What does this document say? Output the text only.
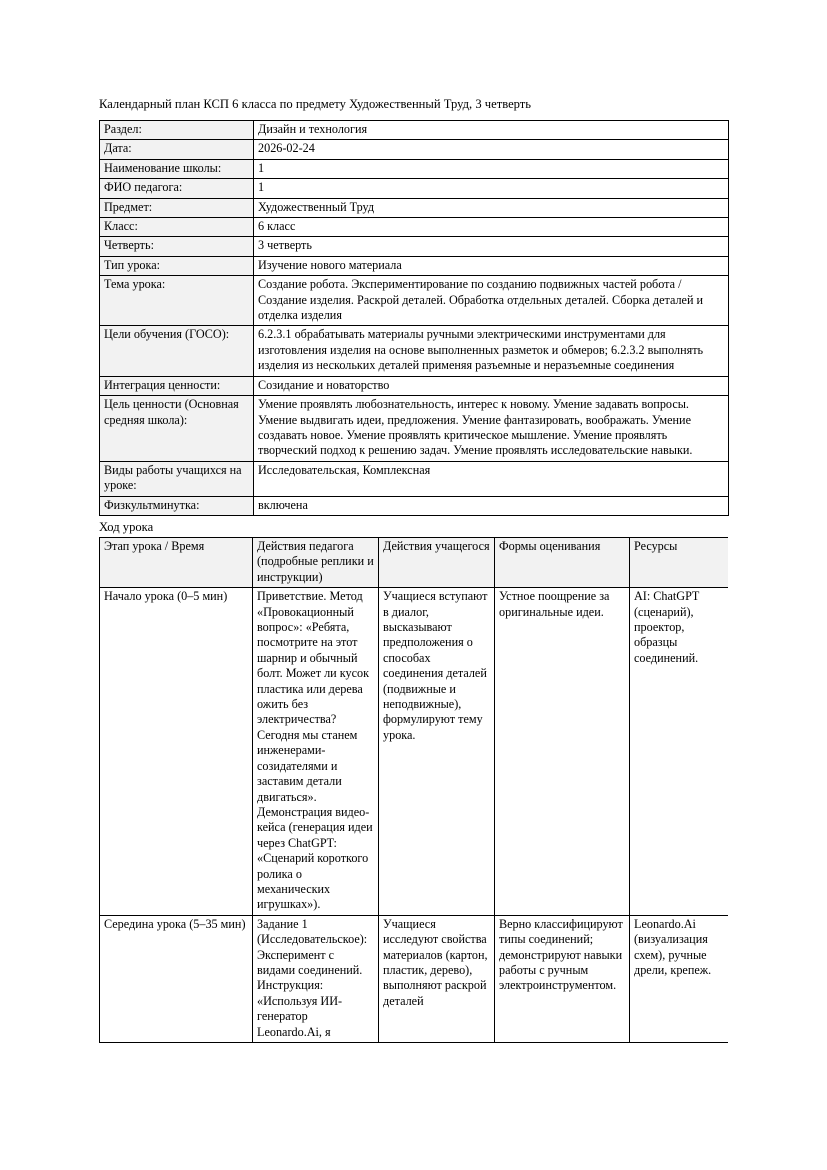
Календарный план КСП 6 класса по предмету Художественный Труд, 3 четверть

Раздел:	Дизайн и технология
Дата:	2026-02-24
Наименование школы:	1
ФИО педагога:	1
Предмет:	Художественный Труд
Класс:	6 класс
Четверть:	3 четверть
Тип урока:	Изучение нового материала
Тема урока:	Создание робота. Экспериментирование по созданию подвижных частей робота / Создание изделия. Раскрой деталей. Обработка отдельных деталей. Сборка деталей и отделка изделия
Цели обучения (ГОСО):	6.2.3.1 обрабатывать материалы ручными электрическими инструментами для изготовления изделия на основе выполненных разметок и обмеров; 6.2.3.2 выполнять изделия из нескольких деталей применяя разъемные и неразъемные соединения
Интеграция ценности:	Созидание и новаторство
Цель ценности (Основная средняя школа):	Умение проявлять любознательность, интерес к новому. Умение задавать вопросы. Умение выдвигать идеи, предложения. Умение фантазировать, воображать. Умение создавать новое. Умение проявлять критическое мышление. Умение проявлять творческий подход к решению задач. Умение проявлять исследовательские навыки.
Виды работы учащихся на уроке:	Исследовательская, Комплексная
Физкультминутка:	включена

Ход урока

Этап урока / Время	Действия педагога (подробные реплики и инструкции)	Действия учащегося	Формы оценивания	Ресурсы
Начало урока (0–5 мин)	Приветствие. Метод «Провокационный вопрос»: «Ребята, посмотрите на этот шарнир и обычный болт. Может ли кусок пластика или дерева ожить без электричества? Сегодня мы станем инженерами-созидателями и заставим детали двигаться». Демонстрация видео-кейса (генерация идеи через ChatGPT: «Сценарий короткого ролика о механических игрушках»).	Учащиеся вступают в диалог, высказывают предположения о способах соединения деталей (подвижные и неподвижные), формулируют тему урока.	Устное поощрение за оригинальные идеи.	AI: ChatGPT (сценарий), проектор, образцы соединений.
Середина урока (5–35 мин)	Задание 1 (Исследовательское): Эксперимент с видами соединений. Инструкция: «Используя ИИ-генератор Leonardo.Ai, я	Учащиеся исследуют свойства материалов (картон, пластик, дерево), выполняют раскрой деталей	Верно классифицируют типы соединений; демонстрируют навыки работы с ручным электроинструментом.	Leonardo.Ai (визуализация схем), ручные дрели, крепеж.
